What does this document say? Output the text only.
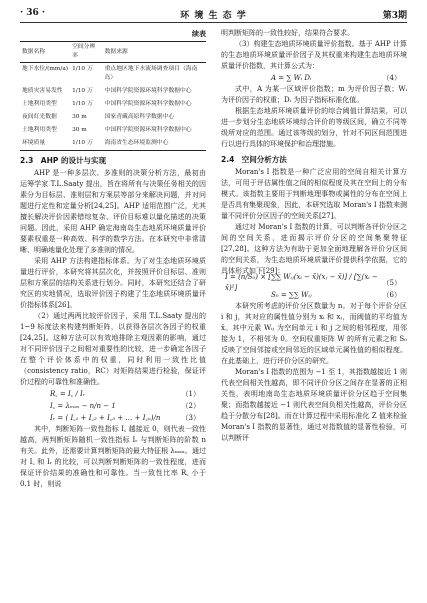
· 36 ·	环 境 生 态 学	第3期
续表
数据名称	空间分辨率	数据来源
地下水位/(mm/a)	1/10 万	重点地区地下水流场调查项目（海南岛）
地质灾害易发性	1/10 万	中国科学院资源环境科学数据中心
土地利用类型	1/10 万	中国科学院资源环境科学数据中心
夜间灯光数据	30 m	国家青藏高原科学数据中心
土地利用类型	30 m	中国科学院资源环境科学数据中心
环境质量	1/10 万	海南省生态环境监测中心
2.3　AHP 的设计与实现

AHP 是一种多层次、多准则的决策分析方法，最初由运筹学家 T.L.Saaty 提出，旨在将所有与决策任务相关的因素分为目标层、准则层和方案层等部分来解决问题，并对问题进行定性和定量分析[24,25]。AHP 适用范围广泛，尤其擅长解决评价因素错综复杂、评价目标难以量化描述的决策问题。因此，采用 AHP 确定海南岛生态地质环境质量评价要素权重是一种高效、科学的数学方法。在本研究中非常清晰、明确地量化处理了多准则的情况。

采用 AHP 方法构建指标体系。为了对生态地质环境质量进行评价，本研究将其层次化，并按照评价目标层、准则层和方案层的结构关系进行划分。同时，本研究还结合了研究区的实地情况，选取评价因子构建了生态地质环境质量评价指标体系[26]。

（2）通过两两比较评价因子，采用 T.L.Saaty 提出的 1~9 标度法来构建判断矩阵，以获得各层次各因子的权重[24,25]。这种方法可以有效地排除主观因素的影响，通过对不同评价因子之间相对重要性的比较，进一步确定各因子在整个评价体系中的权重，同时利用一致性比值（consistency ratio，RC）对矩阵结果进行检验，保证评价过程的可靠性和准确性。

R꜀ = I꜀ / Iᵣ	（1）
I꜀ = λₘₐₓ − n/n − 1	（2）
Iᵣ = ( I꜀₁ + I꜀₂ + I꜀₃ + … + I꜀ₙ)/n	（3）

其中，判断矩阵一致性指标 I꜀ 越接近 0，则代表一致性越高，两判断矩阵随机一致性指标 Iᵣ 与判断矩阵的阶数 n 有关。此外，还需要计算判断矩阵的最大特征根 λₘₐₓ。通过对 I꜀ 和 Iᵣ 的比较，可以判断判断矩阵的一致性程度，进而保证评价结果的准确性和可靠性。当一致性比率 R꜀ 小于 0.1 时，则说

明判断矩阵的一致性较好，结果符合要求。

（3）构建生态地质环境质量评价指数。基于 AHP 计算的生态地质环境质量评价因子及其权重来构建生态地质环境质量评价指数，其计算公式为：

A = ∑ Wᵢ Dᵢ	（4）

式中，A 为某一区域评价指数；m 为评价因子数；Wᵢ 为评价因子的权重；Dᵢ 为因子指标标准化值。

根据生态地质环境质量评价的综合阈值计算结果，可以进一步划分生态地质环境综合评价的等级区间，确立不同等级所对应的范围。通过该等级的划分，针对不同区间范围进行以进行具体的环境保护和治理措施。

2.4　空间分析方法

Moran's I 指数是一种广泛应用的空间自相关计算方法，可用于评估属性值之间的相似程度及其在空间上的分布模式。该指数主要用于判断地理事物或属性的分布在空间上是否具有集聚现象，因此，本研究选取 Moran's I 指数来测量不同评价分区因子的空间关系[27]。

通过对 Moran's I 指数的计算，可以判断各评价分区之间的空间关系，进而揭示评价分区的空间集聚特征[27,28]。这种方法为有助于更加全面地理解各评价分区间的空间关系，为生态地质环境质量评价提供科学依据，它的具体形式如下[29]：

I = (n/S₀) × [∑∑ Wᵢⱼ(xᵢ − x̄)(xⱼ − x̄)] / [∑(xᵢ − x̄)²]
（5）
S₀ = ∑∑ Wᵢⱼ	（6）

本研究所考虑的评价分区数量为 n。对于每个评价分区 i 和 j，其对应的属性值分别为 xᵢ 和 xⱼ，而阈值的平均值为 x̄。其中元素 Wᵢⱼ 为空间单元 i 和 j 之间的相邻程度，用邻接为 1，不相邻为 0。空间权重矩阵 W 的所有元素之和 S₀ 反映了空间邻接或空间邻近的区域单元属性值的相似程度。在此基础上，进行评价分区的研究。

Moran's I 指数的范围为 −1 至 1，其指数越接近 1 则代表空间相关性越高，即不同评价分区之间存在显著的正相关性，表明地南岛生态地质环境质量评价分区趋于空间集聚；而指数越接近 −1 则代表空间负相关性越高，评价分区趋于分散分布[28]。而在计算过程中采用标准化 Z 值来检验 Moran's I 指数的显著性，通过对指数值的显著性检验，可以判断评
